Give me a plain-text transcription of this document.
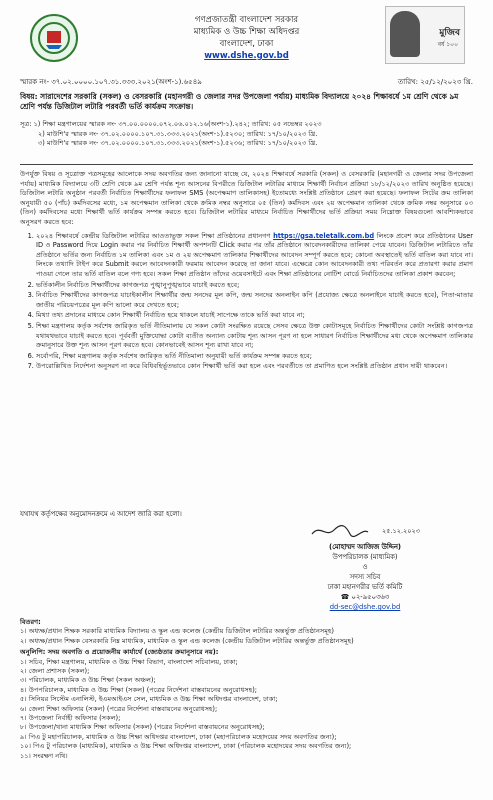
গণপ্রজাতন্ত্রী বাংলাদেশ সরকার
মাধ্যমিক ও উচ্চ শিক্ষা অধিদপ্তর
বাংলাদেশ, ঢাকা
www.dshe.gov.bd
মুজিব
বর্ষ ১০০
স্মারক নং- ৩৭.০২.০০০০.১০৭.৩১.৩৩৩.২০২১(অংশ-১).৬৫৪৯	তারিখ: ২৫/১২/২০২৩ খ্রি.
বিষয়: সারাদেশের সরকারি (সকল) ও বেসরকারি (মহানগরী ও জেলার সদর উপজেলা পর্যায়) মাধ্যমিক বিদ্যালয়ে ২০২৪ শিক্ষাবর্ষে ১ম শ্রেণি থেকে ৯ম শ্রেণি পর্যন্ত ডিজিটাল লটারি পরবর্তী ভর্তি কার্যক্রম সংক্রান্ত।
সূত্র: ১) শিক্ষা মন্ত্রণালয়ের স্মারক নং- ৩৭.০০.০০০০.০৭২.০৬.০১২.১৬(অংশ-১).২৪২; তারিখ: ০৫ নভেম্বর ২০২৩
২) মাউশি'র স্মারক নং- ৩৭.০২.০০০০.১০৭.৩১.৩৩৩.২০২১(অংশ-১).৫২৩০; তারিখ: ১৭/১০/২০২৩ খ্রি.
৩) মাউশি'র স্মারক নং- ৩৭.০২.০০০০.১০৭.৩১.৩৩৩.২০২১(অংশ-১).৫২৩৬; তারিখ: ১৭/১০/২০২৩ খ্রি.
উপর্যুক্ত বিষয় ও সূত্রোক্ত পত্রসমূহের আলোকে সদয় অবগতির জন্য জানানো যাচ্ছে যে, ২০২৪ শিক্ষাবর্ষে সরকারি (সকল) ও বেসরকারি (মহানগরী ও জেলার সদর উপজেলা পর্যায়) মাধ্যমিক বিদ্যালয়ে ৩টি শ্রেণি থেকে ৯ম শ্রেণি পর্যন্ত শূন্য আসনের বিপরীতে ডিজিটাল লটারির মাধ্যমে শিক্ষার্থী নির্বাচন প্রক্রিয়া ১৮/১২/২০২৩ তারিখ অনুষ্ঠিত হয়েছে। ডিজিটাল লটারি অনুষ্ঠান পরবর্তী নির্বাচিত শিক্ষার্থীদের ফলাফল SMS (অপেক্ষমাণ তালিকাসহ) ইতোমধ্যে সংশ্লিষ্ট প্রতিষ্ঠানে প্রেরণ করা হয়েছে। ফলাফল সিটের ক্রম তালিকা অনুযায়ী ৫০ (পাঁচ) কর্মদিবসের মধ্যে, ১ম অপেক্ষমান তালিকা থেকে ক্রমিক নম্বর অনুসারে ০৫ (তিন) কর্মদিবস এবং ২য় অপেক্ষমান তালিকা থেকে ক্রমিক নম্বর অনুসারে ০৩ (তিন) কর্মদিবসের মধ্যে শিক্ষার্থী ভর্তি কার্যক্রম সম্পন্ন করতে হবে। ডিজিটাল লটারির মাধ্যমে নির্বাচিত শিক্ষার্থীদের ভর্তি প্রক্রিয়া সময় নিম্নোক্ত বিষয়গুলো আবশ্যিকভাবে অনুসরণ করতে হবে:
1. ২০২৪ শিক্ষাবর্ষে কেন্দ্রীয় ডিজিটাল লটারির আওতাভুক্ত সকল শিক্ষা প্রতিষ্ঠানের প্রধানগণ https://gsa.teletalk.com.bd লিংকে প্রবেশ করে প্রতিষ্ঠানের User ID ও Password দিয়ে Login করার পর নির্বাচিত শিক্ষার্থী অপশনটি Click করার পর তাঁর প্রতিষ্ঠানে আবেদনকারীদের তালিকা পেয়ে যাবেন। ডিজিটাল লটারিতে তাঁর প্রতিষ্ঠানে ভর্তির জন্য নির্বাচিত ১ম তালিকা এবং ১ম ও ২য় অপেক্ষমাণ তালিকার শিক্ষার্থীদের আবেদন সম্পূর্ণ করতে হবে; কোনো অবস্থাতেই ভর্তি বাতিল করা যাবে না। লিংকে তথ্যাদি টাইপ করে Submit করলে আবেদনকারী ফরমায় আবেদন করেছে তা জানা যাবে। এক্ষেত্রে কোন আবেদনকারী তথ্য পরিবর্তন করে প্রতারণা করার প্রমাণ পাওয়া গেলে তার ভর্তি বাতিল বলে গণ্য হবে। সকল শিক্ষা প্রতিষ্ঠান তাঁদের ওয়েবসাইটে এবং শিক্ষা প্রতিষ্ঠানের নোটিশ বোর্ডে নির্বাচিতদের তালিকা প্রকাশ করবেন;
2. ভর্তিকালীন নির্বাচিত শিক্ষার্থীদের কাগজপত্র পুঙ্খানুপুঙ্খভাবে যাচাই করতে হবে;
3. নির্বাচিত শিক্ষার্থীদের কাগজপত্র যাচাইকালীন শিক্ষার্থীর জন্ম সনদের মূল কপি, জন্ম সনদের অনলাইন কপি (প্রযোজ্য ক্ষেত্রে অনলাইনে যাচাই করতে হবে), পিতা-মাতার জাতীয় পরিচয়পত্রের মূল কপি ভালো করে দেখতে হবে;
4. মিথ্যা তথ্য প্রদানের মাধ্যমে কোন শিক্ষার্থী নির্বাচিত হয়ে থাকলে যাচাই সাপেক্ষে তাকে ভর্তি করা যাবে না;
5. শিক্ষা মন্ত্রণালয় কর্তৃক সর্বশেষ জারিকৃত ভর্তি নীতিমালায় যে সকল কোটা সংরক্ষিত রয়েছে সেসব ক্ষেত্রে উক্ত কোটাসমূহে নির্বাচিত শিক্ষার্থীদের কোটা সংশ্লিষ্ট কাগজপত্র যথাযথভাবে যাচাই করতে হবে। পূর্ববর্তী মুক্তিযোদ্ধা কোটা ব্যতীত অন্যান্য কোটায় শূন্য আসন পূরণ না হলে সাধারণ নির্বাচিত শিক্ষার্থীদের মধ্য থেকে অপেক্ষমাণ তালিকার ক্রমানুসারে উক্ত শূন্য আসন পূরণ করতে হবে। কোনভাবেই আসন শূন্য রাখা যাবে না;
6. সর্বোপরি, শিক্ষা মন্ত্রণালয় কর্তৃক সর্বশেষ জারিকৃত ভর্তি নীতিমালা অনুযায়ী ভর্তি কার্যক্রম সম্পন্ন করতে হবে;
7. উপরোল্লিখিত নির্দেশনা অনুসরণ না করে বিধিবহির্ভূতভাবে কোন শিক্ষার্থী ভর্তি করা হলে এবং পরবর্তীতে তা প্রমাণিত হলে সংশ্লিষ্ট প্রতিষ্ঠান প্রধান দায়ী থাকবেন।
যথাযথ কর্তৃপক্ষের অনুমোদনক্রমে এ আদেশ জারি করা হলো।
২৫.১২.২০২৩
(মোহাম্মদ আজিজ উদ্দিন)
উপপরিচালক (মাধ্যমিক)
ও
সদস্য সচিব
ঢাকা মহানগরীর ভর্তি কমিটি
☎ ০২-৯৫০৩৬৩
dd-sec@dshe.gov.bd
বিতরণ:
১। অধ্যক্ষ/প্রধান শিক্ষক সরকারি মাধ্যমিক বিদ্যালয় ও স্কুল এন্ড কলেজ (কেন্দ্রীয় ডিজিটাল লটারির অন্তর্ভুক্ত প্রতিষ্ঠানসমূহ)
২। অধ্যক্ষ/প্রধান শিক্ষক বেসরকারি নিম্ন মাধ্যমিক, মাধ্যমিক ও স্কুল এন্ড কলেজ (কেন্দ্রীয় ডিজিটাল লটারির অন্তর্ভুক্ত প্রতিষ্ঠানসমূহ)
অনুলিপি: সদয় অবগতি ও প্রয়োজনীয় কার্যার্থে (জ্যেষ্ঠতার ক্রমানুসারে নয়):
১। সচিব, শিক্ষা মন্ত্রণালয়, মাধ্যমিক ও উচ্চ শিক্ষা বিভাগ, বাংলাদেশ সচিবালয়, ঢাকা;
২। জেলা প্রশাসক (সকল);
৩। পরিচালক, মাধ্যমিক ও উচ্চ শিক্ষা (সকল অঞ্চল);
৪। উপপরিচালক, মাধ্যমিক ও উচ্চ শিক্ষা (সকল) (পত্রের নির্দেশনা বাস্তবায়নের অনুরোধসহ);
৫। সিনিয়র সিস্টেম এনালিস্ট, ইএমআইএস সেল, মাধ্যমিক ও উচ্চ শিক্ষা অধিদপ্তর বাংলাদেশ, ঢাকা;
৬। জেলা শিক্ষা অফিসার (সকল) (পত্রের নির্দেশনা বাস্তবায়নের অনুরোধসহ);
৭। উপজেলা নির্বাহী অফিসার (সকল);
৮। উপজেলা/থানা মাধ্যমিক শিক্ষা অফিসার (সকল) (পত্রের নির্দেশনা বাস্তবায়নের অনুরোধসহ);
৯। পিএ টু মহাপরিচালক, মাধ্যমিক ও উচ্চ শিক্ষা অধিদপ্তর বাংলাদেশ, ঢাকা (মহাপরিচালক মহোদয়ের সদয় অবগতির জন্য);
১০। পিএ টু পরিচালক (মাধ্যমিক), মাধ্যমিক ও উচ্চ শিক্ষা অধিদপ্তর বাংলাদেশ, ঢাকা (পরিচালক মহোদয়ের সদয় অবগতির জন্য);
১১। সংরক্ষণ নথি।
